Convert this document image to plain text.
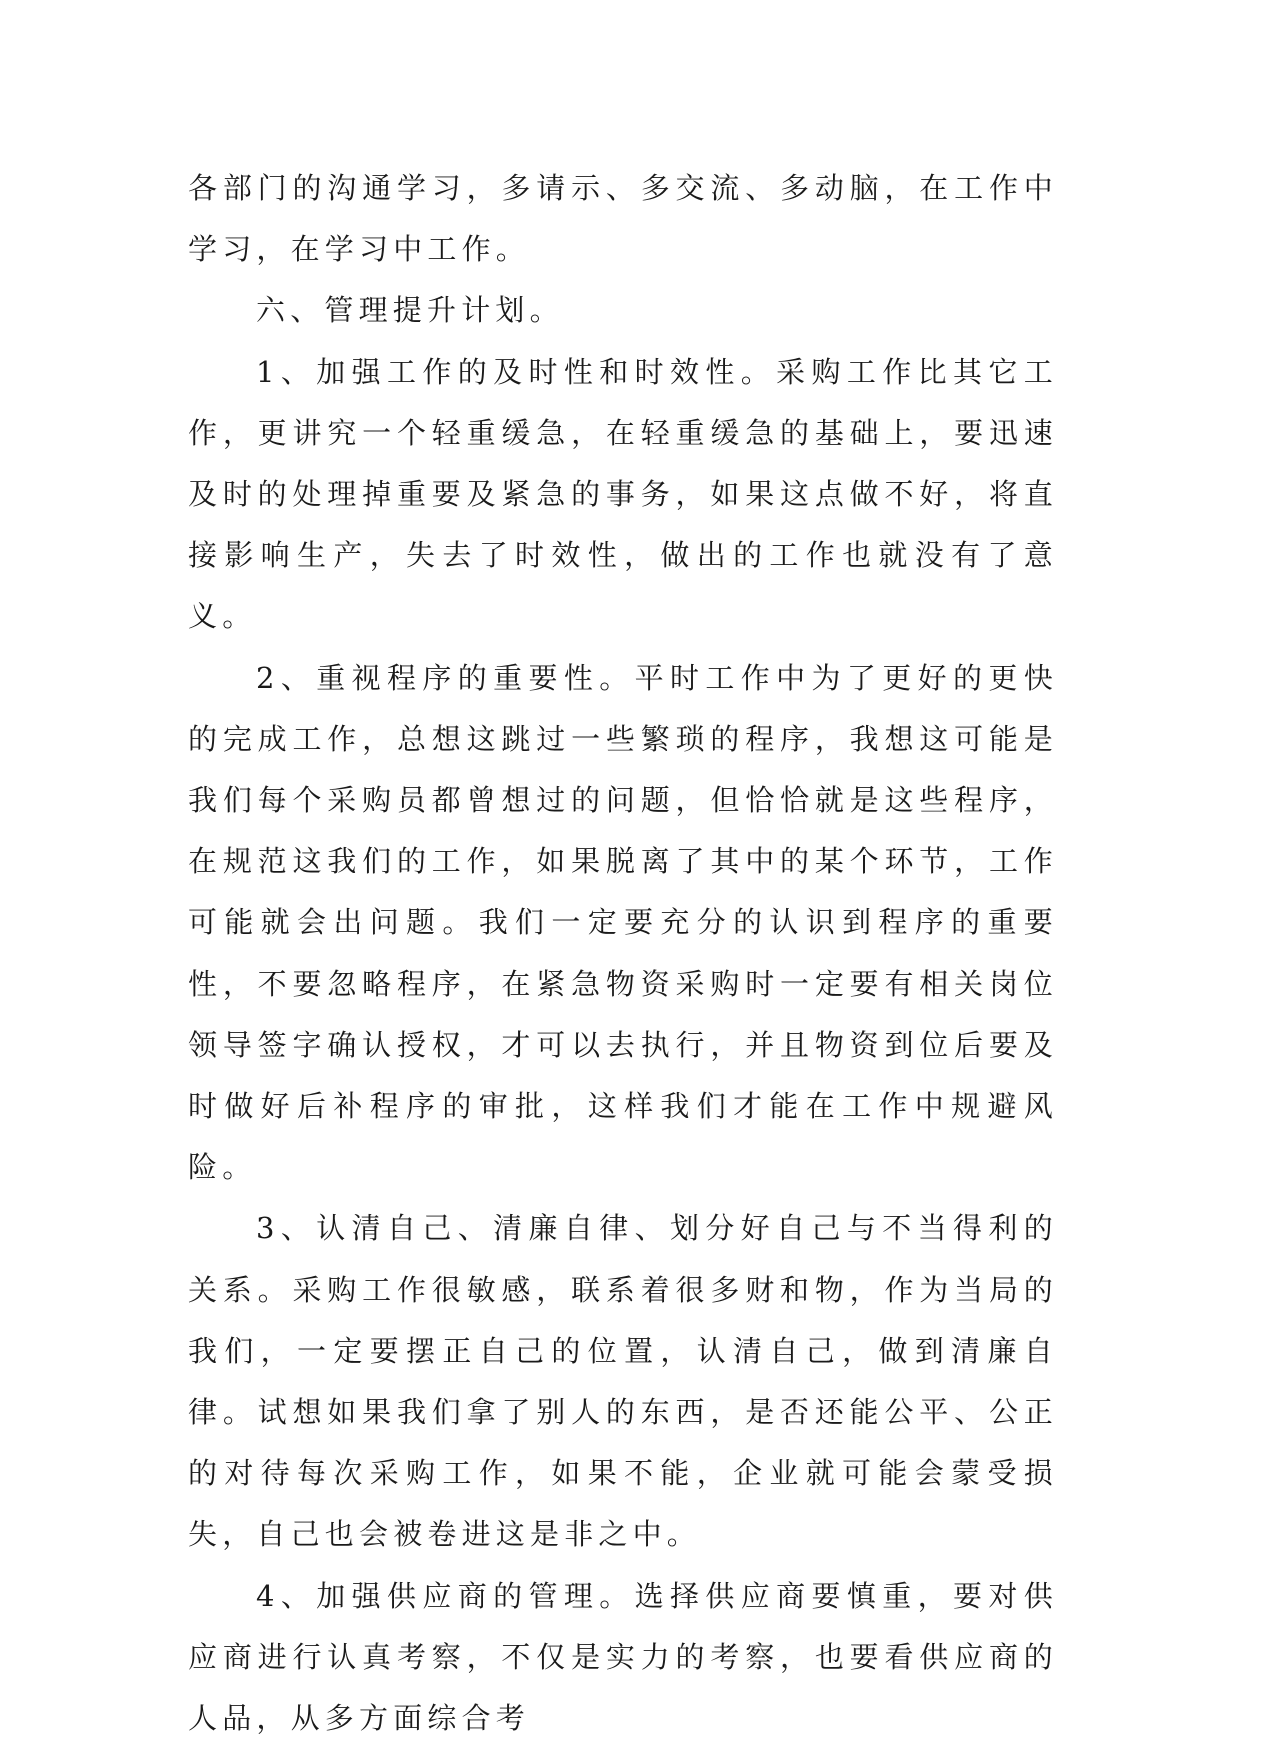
各部门的沟通学习，多请示、多交流、多动脑，在工作中学习，在学习中工作。

六、管理提升计划。

1、加强工作的及时性和时效性。采购工作比其它工作，更讲究一个轻重缓急，在轻重缓急的基础上，要迅速及时的处理掉重要及紧急的事务，如果这点做不好，将直接影响生产，失去了时效性，做出的工作也就没有了意义。

2、重视程序的重要性。平时工作中为了更好的更快的完成工作，总想这跳过一些繁琐的程序，我想这可能是我们每个采购员都曾想过的问题，但恰恰就是这些程序，在规范这我们的工作，如果脱离了其中的某个环节，工作可能就会出问题。我们一定要充分的认识到程序的重要性，不要忽略程序，在紧急物资采购时一定要有相关岗位领导签字确认授权，才可以去执行，并且物资到位后要及时做好后补程序的审批，这样我们才能在工作中规避风险。

3、认清自己、清廉自律、划分好自己与不当得利的关系。采购工作很敏感，联系着很多财和物，作为当局的我们，一定要摆正自己的位置，认清自己，做到清廉自律。试想如果我们拿了别人的东西，是否还能公平、公正的对待每次采购工作，如果不能，企业就可能会蒙受损失，自己也会被卷进这是非之中。

4、加强供应商的管理。选择供应商要慎重，要对供应商进行认真考察，不仅是实力的考察，也要看供应商的人品，从多方面综合考
